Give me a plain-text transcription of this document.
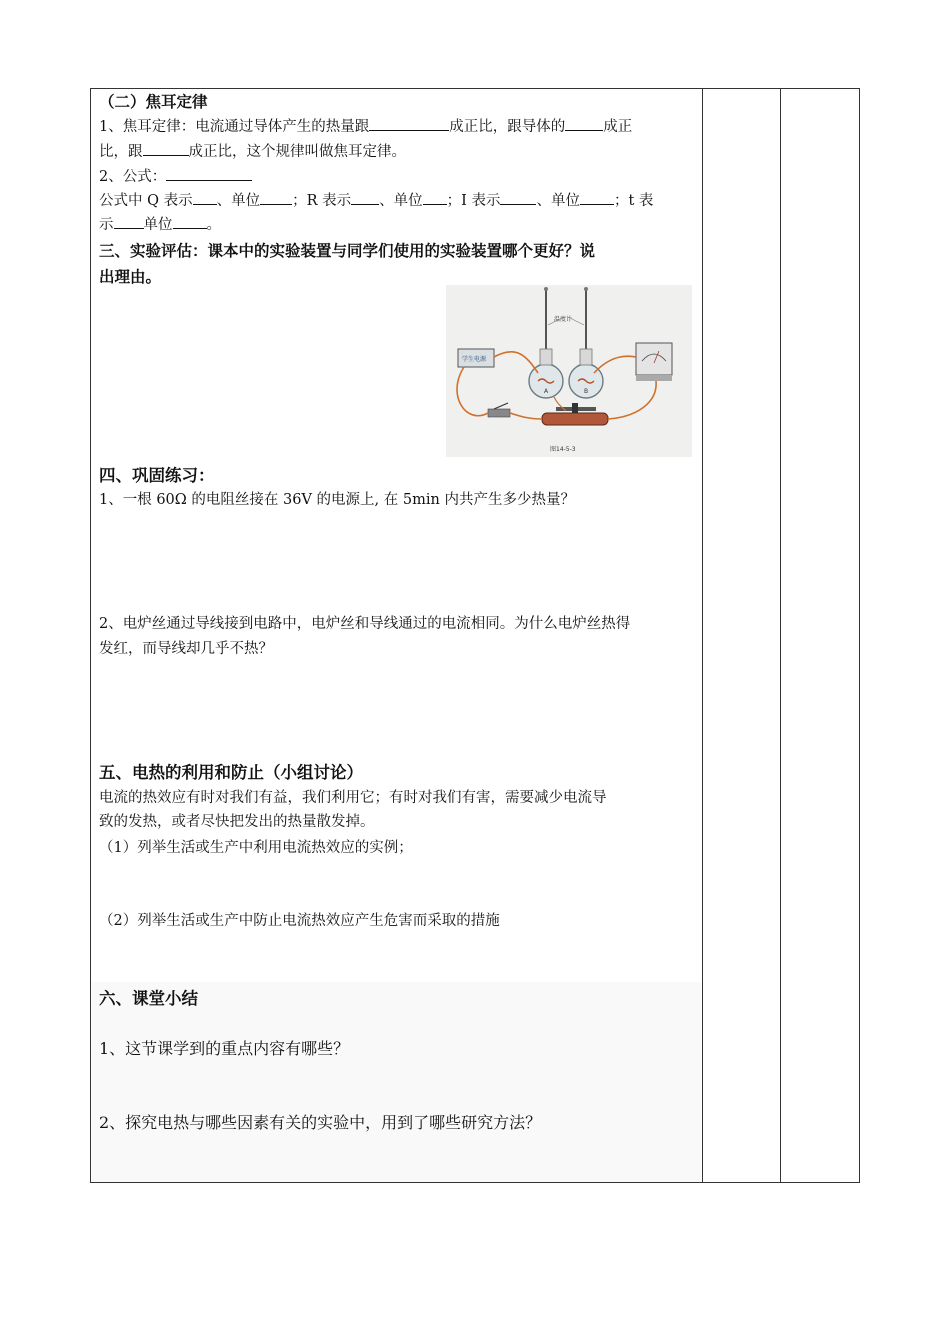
（二）焦耳定律
1、焦耳定律：电流通过导体产生的热量跟	成正比，跟导体的	成正
比，跟	成正比，这个规律叫做焦耳定律。
2、公式：
公式中 Q 表示 、单位 ；R 表示 、单位 ；I 表示 、单位 ；t 表
示 单位 。
三、实验评估：课本中的实验装置与同学们使用的实验装置哪个更好？说
出理由。
温度计
A	B
学生电源
图14-5-3
四、巩固练习：
1、一根 60Ω 的电阻丝接在 36V 的电源上, 在 5min 内共产生多少热量？
2、电炉丝通过导线接到电路中，电炉丝和导线通过的电流相同。为什么电炉丝热得
发红，而导线却几乎不热？
五、电热的利用和防止（小组讨论）
电流的热效应有时对我们有益，我们利用它；有时对我们有害，需要减少电流导
致的发热，或者尽快把发出的热量散发掉。
（1）列举生活或生产中利用电流热效应的实例；
（2）列举生活或生产中防止电流热效应产生危害而采取的措施
六、课堂小结
1、这节课学到的重点内容有哪些？
2、探究电热与哪些因素有关的实验中，用到了哪些研究方法？
